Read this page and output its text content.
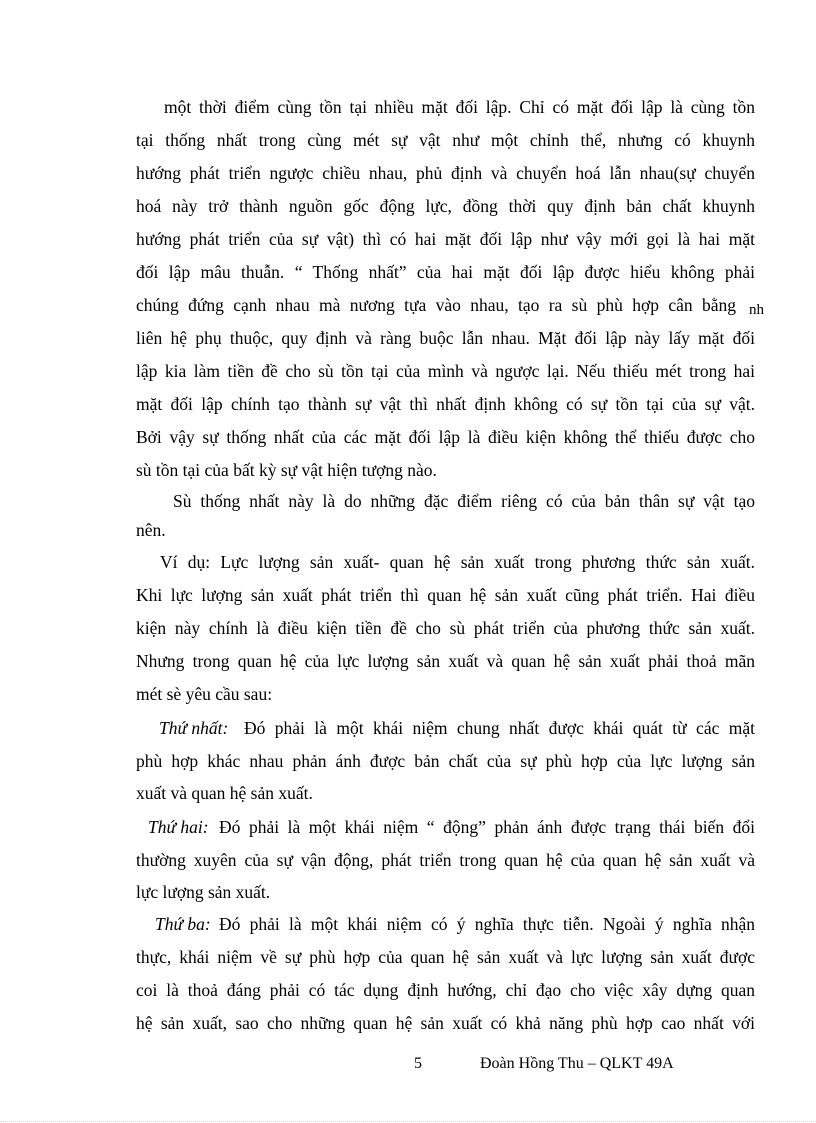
một thời điểm cùng tồn tại nhiều mặt đối lập. Chỉ có mặt đối lập là cùng tồn
tại thống nhất trong cùng mét sự vật như một chỉnh thể, nhưng có khuynh
hướng phát triển ngược chiều nhau, phủ định và chuyển hoá lẫn nhau(sự chuyển
hoá này trở thành nguồn gốc động lực, đồng thời quy định bản chất khuynh
hướng phát triển của sự vật) thì có hai mặt đối lập như vậy mới gọi là hai mặt
đối lập mâu thuẫn. “ Thống nhất” của hai mặt đối lập được hiểu không phải
chúng đứng cạnh nhau mà nương tựa vào nhau, tạo ra sù phù hợp cân bằng nh
liên hệ phụ thuộc, quy định và ràng buộc lẫn nhau. Mặt đối lập này lấy mặt đối
lập kia làm tiền đề cho sù tồn tại của mình và ngược lại. Nếu thiếu mét trong hai
mặt đối lập chính tạo thành sự vật thì nhất định không có sự tồn tại của sự vật.
Bởi vậy sự thống nhất của các mặt đối lập là điều kiện không thể thiếu được cho
sù tồn tại của bất kỳ sự vật hiện tượng nào.
Sù thống nhất này là do những đặc điểm riêng có của bản thân sự vật tạo
nên.
Ví dụ: Lực lượng sản xuất- quan hệ sản xuất trong phương thức sản xuất.
Khi lực lượng sản xuất phát triển thì quan hệ sản xuất cũng phát triển. Hai điều
kiện này chính là điều kiện tiền đề cho sù phát triển của phương thức sản xuất.
Nhưng trong quan hệ của lực lượng sản xuất và quan hệ sản xuất phải thoả mãn
mét sè yêu cầu sau:
Thứ nhất: Đó phải là một khái niệm chung nhất được khái quát từ các mặt
phù hợp khác nhau phản ánh được bản chất của sự phù hợp của lực lượng sản
xuất và quan hệ sản xuất.
Thứ hai: Đó phải là một khái niệm “ động” phản ánh được trạng thái biến đổi
thường xuyên của sự vận động, phát triển trong quan hệ của quan hệ sản xuất và
lực lượng sản xuất.
Thứ ba: Đó phải là một khái niệm có ý nghĩa thực tiễn. Ngoài ý nghĩa nhận
thực, khái niệm về sự phù hợp của quan hệ sản xuất và lực lượng sản xuất được
coi là thoả đáng phải có tác dụng định hướng, chỉ đạo cho việc xây dựng quan
hệ sản xuất, sao cho những quan hệ sản xuất có khả năng phù hợp cao nhất với
5	Đoàn Hồng Thu – QLKT 49A
